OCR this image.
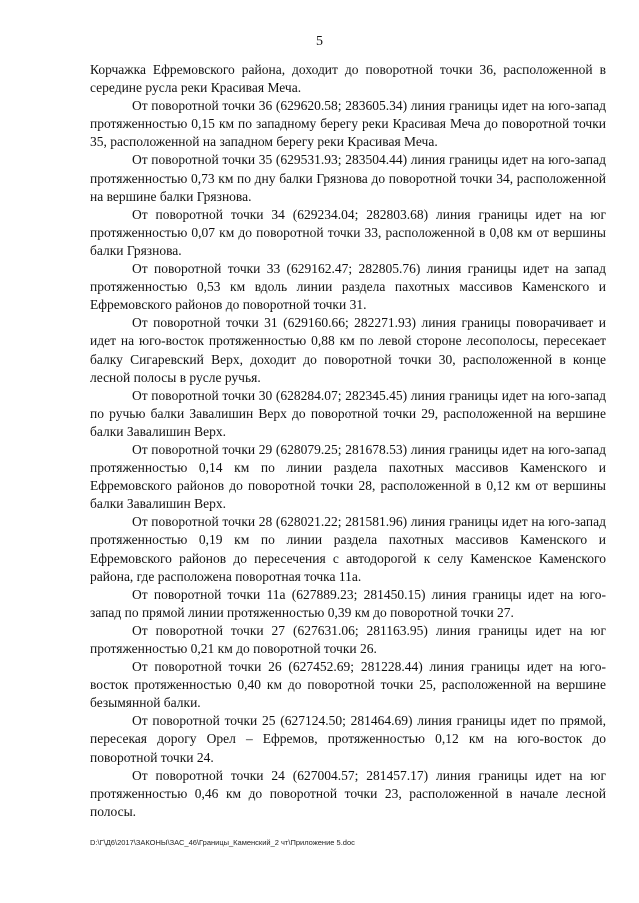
5

Корчажка Ефремовского района, доходит до поворотной точки 36, расположенной в середине русла реки Красивая Меча.

От поворотной точки 36 (629620.58; 283605.34) линия границы идет на юго-запад протяженностью 0,15 км по западному берегу реки Красивая Меча до поворотной точки 35, расположенной на западном берегу реки Красивая Меча.

От поворотной точки 35 (629531.93; 283504.44) линия границы идет на юго-запад протяженностью 0,73 км по дну балки Грязнова до поворотной точки 34, расположенной на вершине балки Грязнова.

От поворотной точки 34 (629234.04; 282803.68) линия границы идет на юг протяженностью 0,07 км до поворотной точки 33, расположенной в 0,08 км от вершины балки Грязнова.

От поворотной точки 33 (629162.47; 282805.76) линия границы идет на запад протяженностью 0,53 км вдоль линии раздела пахотных массивов Каменского и Ефремовского районов до поворотной точки 31.

От поворотной точки 31 (629160.66; 282271.93) линия границы поворачивает и идет на юго-восток протяженностью 0,88 км по левой стороне лесополосы, пересекает балку Сигаревский Верх, доходит до поворотной точки 30, расположенной в конце лесной полосы в русле ручья.

От поворотной точки 30 (628284.07; 282345.45) линия границы идет на юго-запад по ручью балки Завалишин Верх до поворотной точки 29, расположенной на вершине балки Завалишин Верх.

От поворотной точки 29 (628079.25; 281678.53) линия границы идет на юго-запад протяженностью 0,14 км по линии раздела пахотных массивов Каменского и Ефремовского районов до поворотной точки 28, расположенной в 0,12 км от вершины балки Завалишин Верх.

От поворотной точки 28 (628021.22; 281581.96) линия границы идет на юго-запад протяженностью 0,19 км по линии раздела пахотных массивов Каменского и Ефремовского районов до пересечения с автодорогой к селу Каменское Каменского района, где расположена поворотная точка 11а.

От поворотной точки 11а (627889.23; 281450.15) линия границы идет на юго-запад по прямой линии протяженностью 0,39 км до поворотной точки 27.

От поворотной точки 27 (627631.06; 281163.95) линия границы идет на юг протяженностью 0,21 км до поворотной точки 26.

От поворотной точки 26 (627452.69; 281228.44) линия границы идет на юго-восток протяженностью 0,40 км до поворотной точки 25, расположенной на вершине безымянной балки.

От поворотной точки 25 (627124.50; 281464.69) линия границы идет по прямой, пересекая дорогу Орел – Ефремов, протяженностью 0,12 км на юго-восток до поворотной точки 24.

От поворотной точки 24 (627004.57; 281457.17) линия границы идет на юг протяженностью 0,46 км до поворотной точки 23, расположенной в начале лесной полосы.

D:\Г\Д6\2017\ЗАКОНЫ\ЗАС_46\Границы_Каменский_2 чт\Приложение 5.doc
